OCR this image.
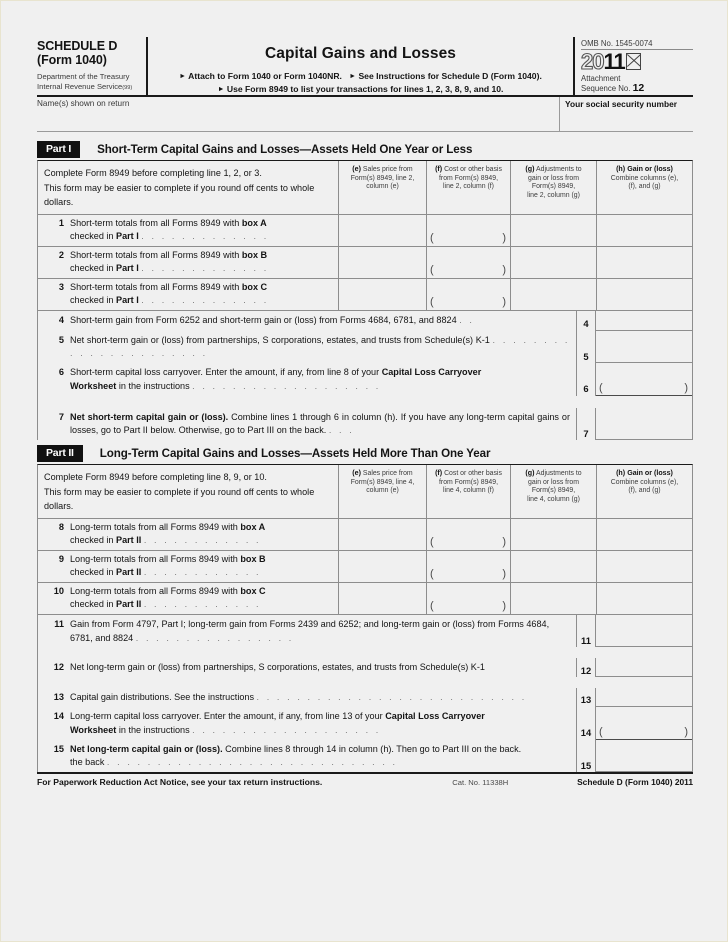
SCHEDULE D
(Form 1040)
Department of the Treasury
Internal Revenue Service(99)
Capital Gains and Losses
► Attach to Form 1040 or Form 1040NR. ► See Instructions for Schedule D (Form 1040).
► Use Form 8949 to list your transactions for lines 1, 2, 3, 8, 9, and 10.
OMB No. 1545-0074
2011
Attachment
Sequence No. 12
Name(s) shown on return	Your social security number
Part I	Short-Term Capital Gains and Losses—Assets Held One Year or Less
Complete Form 8949 before completing line 1, 2, or 3.
This form may be easier to complete if you round off cents to whole dollars.
(e) Sales price from
Form(s) 8949, line 2,
column (e)
(f) Cost or other basis
from Form(s) 8949,
line 2, column (f)
(g) Adjustments to
gain or loss from
Form(s) 8949,
line 2, column (g)
(h) Gain or (loss)
Combine columns (e),
(f), and (g)
1 Short-term totals from all Forms 8949 with box A
checked in Part I . . . . . . . . . . . . .	(	)
2 Short-term totals from all Forms 8949 with box B
checked in Part I . . . . . . . . . . . . .	(	)
3 Short-term totals from all Forms 8949 with box C
checked in Part I . . . . . . . . . . . . .	(	)
4 Short-term gain from Form 6252 and short-term gain or (loss) from Forms 4684, 6781, and 8824 . .	4
5 Net short-term gain or (loss) from partnerships, S corporations, estates, and trusts from Schedule(s) K-1 . . . . . . . . . . . . . . . . . . . . . .	5
6 Short-term capital loss carryover. Enter the amount, if any, from line 8 of your Capital Loss Carryover
Worksheet in the instructions . . . . . . . . . . . . . . . . . . .	6 (	)
7 Net short-term capital gain or (loss). Combine lines 1 through 6 in column (h). If you have any long-term capital gains or losses, go to Part II below. Otherwise, go to Part III on the back. . . .	7
Part II	Long-Term Capital Gains and Losses—Assets Held More Than One Year
Complete Form 8949 before completing line 8, 9, or 10.
This form may be easier to complete if you round off cents to whole dollars.
(e) Sales price from
Form(s) 8949, line 4,
column (e)
(f) Cost or other basis
from Form(s) 8949,
line 4, column (f)
(g) Adjustments to
gain or loss from
Form(s) 8949,
line 4, column (g)
(h) Gain or (loss)
Combine columns (e),
(f), and (g)
8 Long-term totals from all Forms 8949 with box A
checked in Part II . . . . . . . . . . . .	(	)
9 Long-term totals from all Forms 8949 with box B
checked in Part II . . . . . . . . . . . .	(	)
10 Long-term totals from all Forms 8949 with box C
checked in Part II . . . . . . . . . . . .	(	)
11 Gain from Form 4797, Part I; long-term gain from Forms 2439 and 6252; and long-term gain or (loss) from Forms 4684, 6781, and 8824 . . . . . . . . . . . . . . . .	11
12 Net long-term gain or (loss) from partnerships, S corporations, estates, and trusts from Schedule(s) K-1	12
13 Capital gain distributions. See the instructions . . . . . . . . . . . . . . . . . . . . . . . . . . .	13
14 Long-term capital loss carryover. Enter the amount, if any, from line 13 of your Capital Loss Carryover
Worksheet in the instructions . . . . . . . . . . . . . . . . . . .	14 (	)
15 Net long-term capital gain or (loss). Combine lines 8 through 14 in column (h). Then go to Part III on the back.
the back . . . . . . . . . . . . . . . . . . . . . . . . . . . . .	15
For Paperwork Reduction Act Notice, see your tax return instructions.	Cat. No. 11338H	Schedule D (Form 1040) 2011
